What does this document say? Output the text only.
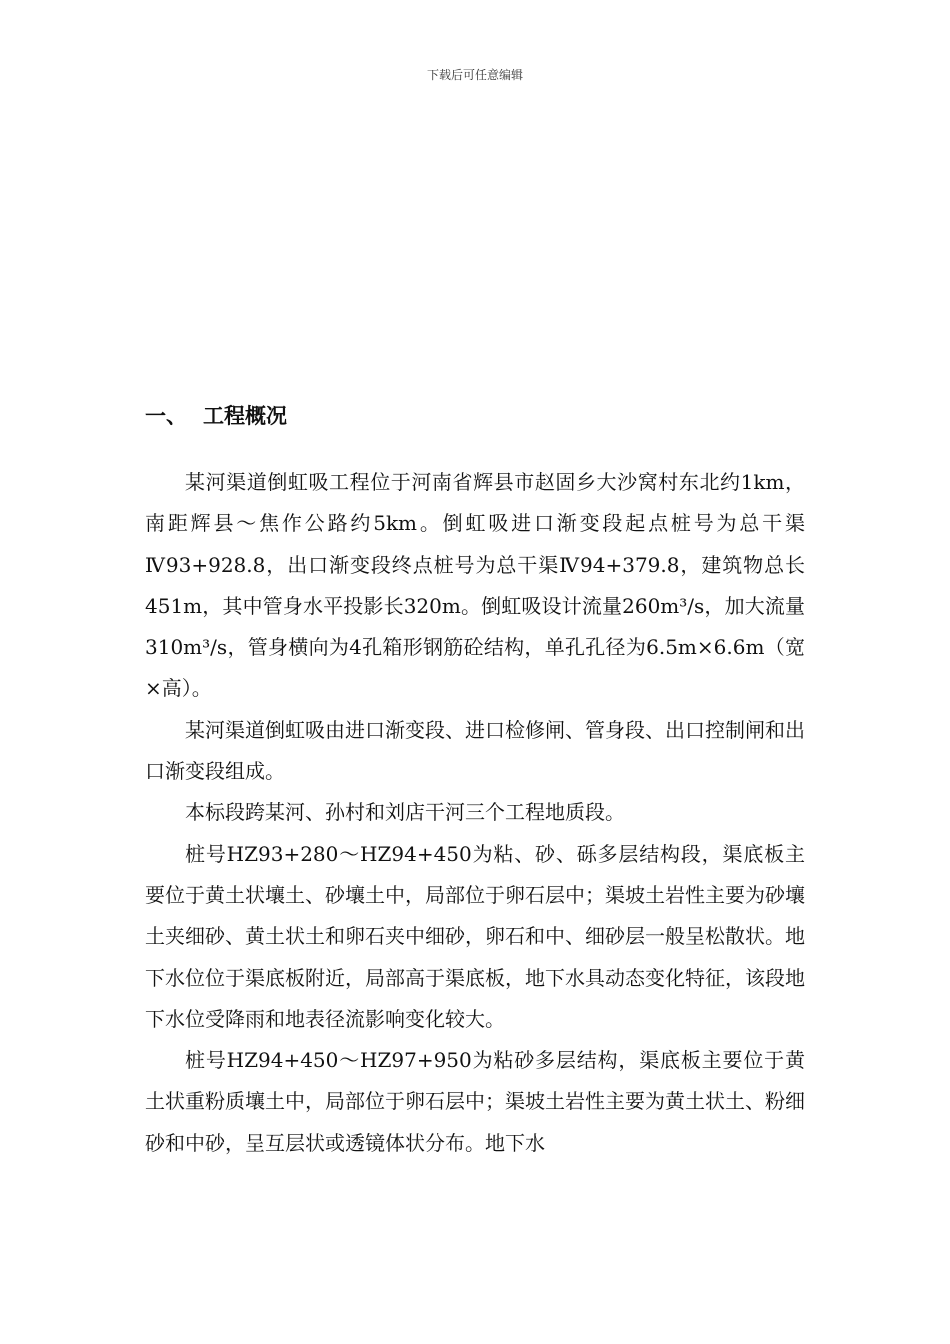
下载后可任意编辑
一、 工程概况

某河渠道倒虹吸工程位于河南省辉县市赵固乡大沙窝村东北约1km，南距辉县～焦作公路约5km。倒虹吸进口渐变段起点桩号为总干渠Ⅳ93+928.8，出口渐变段终点桩号为总干渠Ⅳ94+379.8，建筑物总长451m，其中管身水平投影长320m。倒虹吸设计流量260m³/s，加大流量310m³/s，管身横向为4孔箱形钢筋砼结构，单孔孔径为6.5m×6.6m（宽×高）。

某河渠道倒虹吸由进口渐变段、进口检修闸、管身段、出口控制闸和出口渐变段组成。

本标段跨某河、孙村和刘店干河三个工程地质段。

桩号HZ93+280～HZ94+450为粘、砂、砾多层结构段，渠底板主要位于黄土状壤土、砂壤土中，局部位于卵石层中；渠坡土岩性主要为砂壤土夹细砂、黄土状土和卵石夹中细砂，卵石和中、细砂层一般呈松散状。地下水位位于渠底板附近，局部高于渠底板，地下水具动态变化特征，该段地下水位受降雨和地表径流影响变化较大。

桩号HZ94+450～HZ97+950为粘砂多层结构，渠底板主要位于黄土状重粉质壤土中，局部位于卵石层中；渠坡土岩性主要为黄土状土、粉细砂和中砂，呈互层状或透镜体状分布。地下水
